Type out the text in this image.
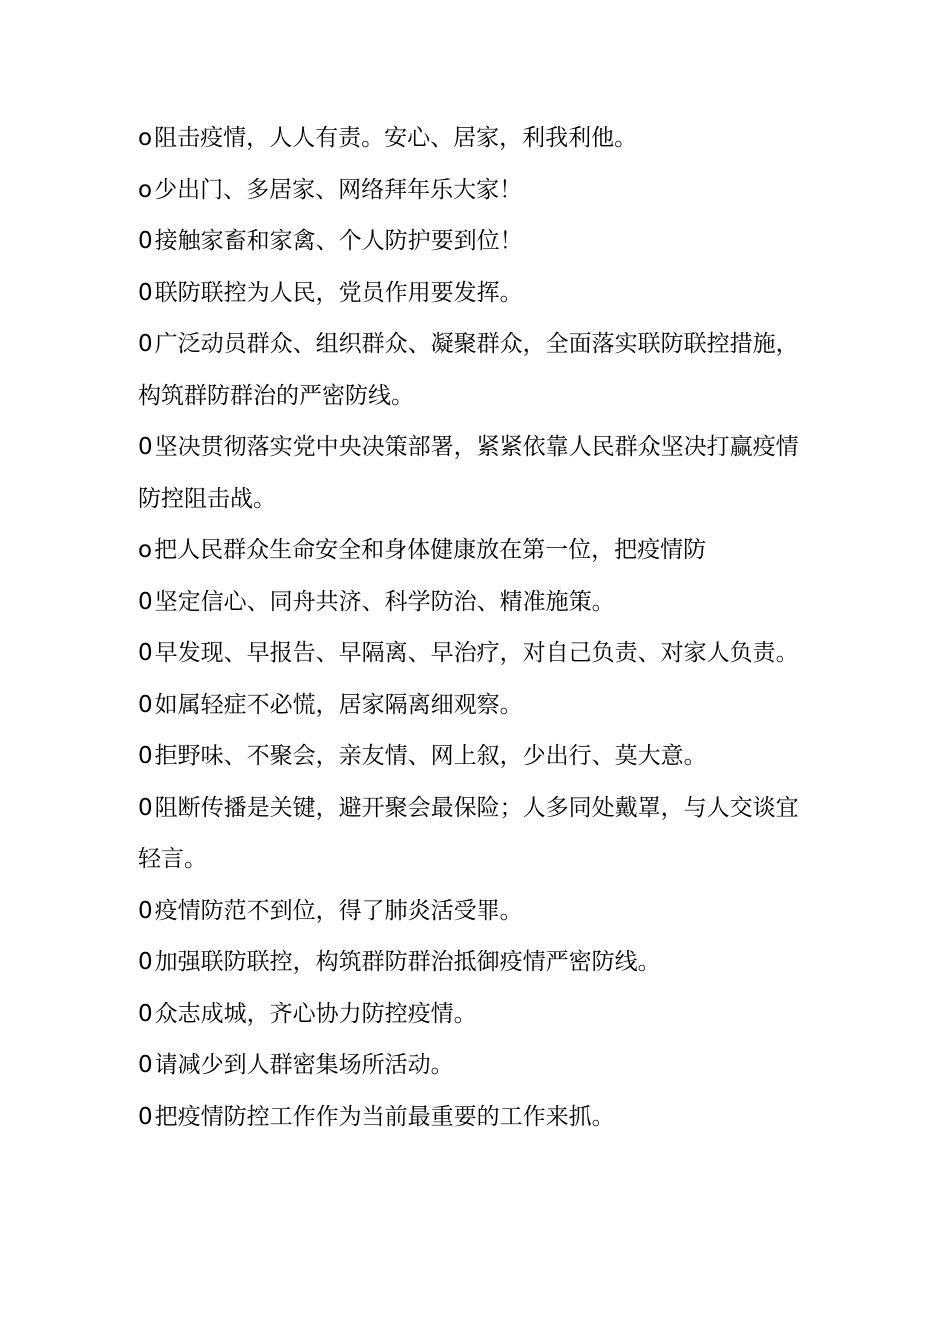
o阻击疫情，人人有责。安心、居家，利我利他。

o少出门、多居家、网络拜年乐大家！

0接触家畜和家禽、个人防护要到位！

0联防联控为人民，党员作用要发挥。

0广泛动员群众、组织群众、凝聚群众，全面落实联防联控措施，构筑群防群治的严密防线。

0坚决贯彻落实党中央决策部署，紧紧依靠人民群众坚决打赢疫情防控阻击战。

o把人民群众生命安全和身体健康放在第一位，把疫情防

0坚定信心、同舟共济、科学防治、精准施策。

0早发现、早报告、早隔离、早治疗，对自己负责、对家人负责。

0如属轻症不必慌，居家隔离细观察。

0拒野味、不聚会，亲友情、网上叙，少出行、莫大意。

0阻断传播是关键，避开聚会最保险；人多同处戴罩，与人交谈宜轻言。

0疫情防范不到位，得了肺炎活受罪。

0加强联防联控，构筑群防群治抵御疫情严密防线。

0众志成城，齐心协力防控疫情。

0请减少到人群密集场所活动。

0把疫情防控工作作为当前最重要的工作来抓。
